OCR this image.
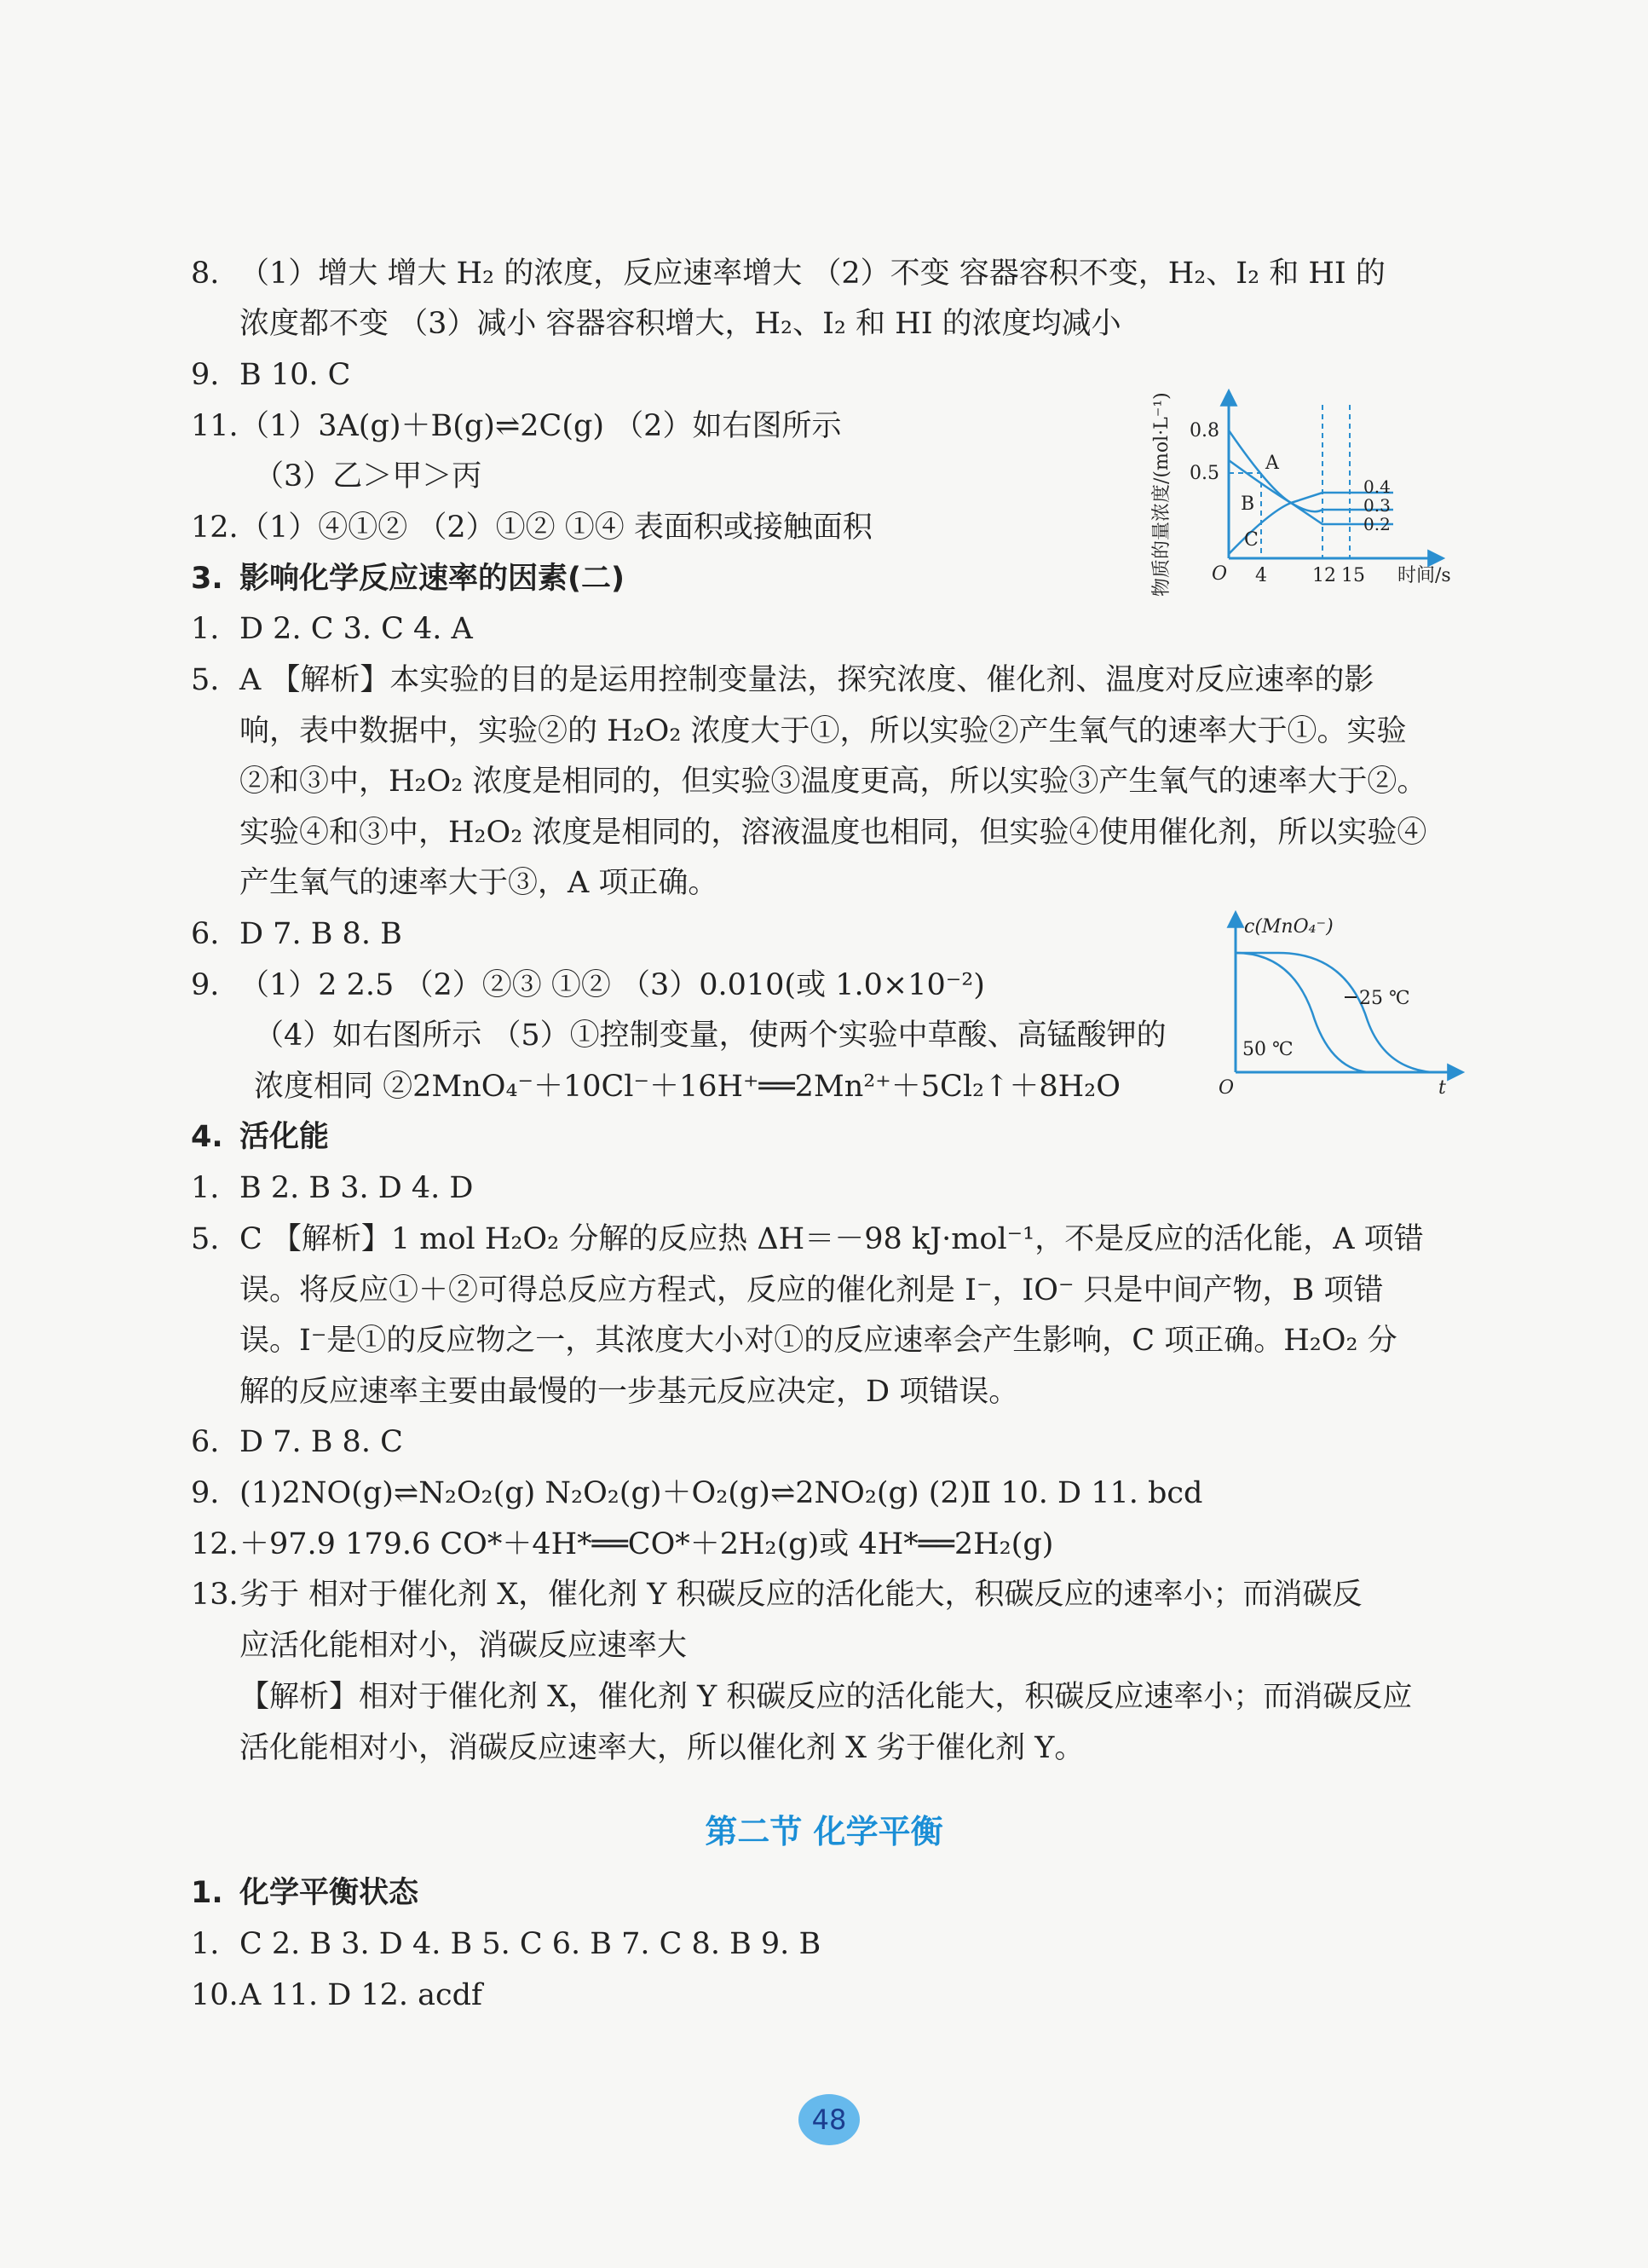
8. （1）增大 增大 H₂ 的浓度，反应速率增大 （2）不变 容器容积不变，H₂、I₂ 和 HI 的
浓度都不变 （3）减小 容器容积增大，H₂、I₂ 和 HI 的浓度均减小
9. B 10. C
11. （1）3A(g)＋B(g)⇌2C(g) （2）如右图所示
（3）乙＞甲＞丙
12. （1）④①② （2）①② ①④ 表面积或接触面积
3. 影响化学反应速率的因素(二)
1. D 2. C 3. C 4. A
5. A 【解析】本实验的目的是运用控制变量法，探究浓度、催化剂、温度对反应速率的影
响，表中数据中，实验②的 H₂O₂ 浓度大于①，所以实验②产生氧气的速率大于①。实验
②和③中，H₂O₂ 浓度是相同的，但实验③温度更高，所以实验③产生氧气的速率大于②。
实验④和③中，H₂O₂ 浓度是相同的，溶液温度也相同，但实验④使用催化剂，所以实验④
产生氧气的速率大于③，A 项正确。
6. D 7. B 8. B
9. （1）2 2.5 （2）②③ ①② （3）0.010(或 1.0×10⁻²)
（4）如右图所示 （5）①控制变量，使两个实验中草酸、高锰酸钾的
浓度相同 ②2MnO₄⁻＋10Cl⁻＋16H⁺══2Mn²⁺＋5Cl₂↑＋8H₂O
4. 活化能
1. B 2. B 3. D 4. D
5. C 【解析】1 mol H₂O₂ 分解的反应热 ΔH＝－98 kJ·mol⁻¹，不是反应的活化能，A 项错
误。将反应①＋②可得总反应方程式，反应的催化剂是 I⁻，IO⁻ 只是中间产物，B 项错
误。I⁻是①的反应物之一，其浓度大小对①的反应速率会产生影响，C 项正确。H₂O₂ 分
解的反应速率主要由最慢的一步基元反应决定，D 项错误。
6. D 7. B 8. C
9. (1)2NO(g)⇌N₂O₂(g) N₂O₂(g)＋O₂(g)⇌2NO₂(g) (2)Ⅱ 10. D 11. bcd
12. ＋97.9 179.6 CO*＋4H*══CO*＋2H₂(g)或 4H*══2H₂(g)
13. 劣于 相对于催化剂 X，催化剂 Y 积碳反应的活化能大，积碳反应的速率小；而消碳反
应活化能相对小，消碳反应速率大
【解析】相对于催化剂 X，催化剂 Y 积碳反应的活化能大，积碳反应速率小；而消碳反应
活化能相对小，消碳反应速率大，所以催化剂 X 劣于催化剂 Y。
1. 化学平衡状态
1. C 2. B 3. D 4. B 5. C 6. B 7. C 8. B 9. B
10. A 11. D 12. acdf
第二节 化学平衡
物质的量浓度/(mol·L⁻¹)	时间/s
O
0.8
0.5
4 12 15
A
B
C
0.4
0.3
0.2
c(MnO₄⁻)
t
O
25 ℃
50 ℃
48
